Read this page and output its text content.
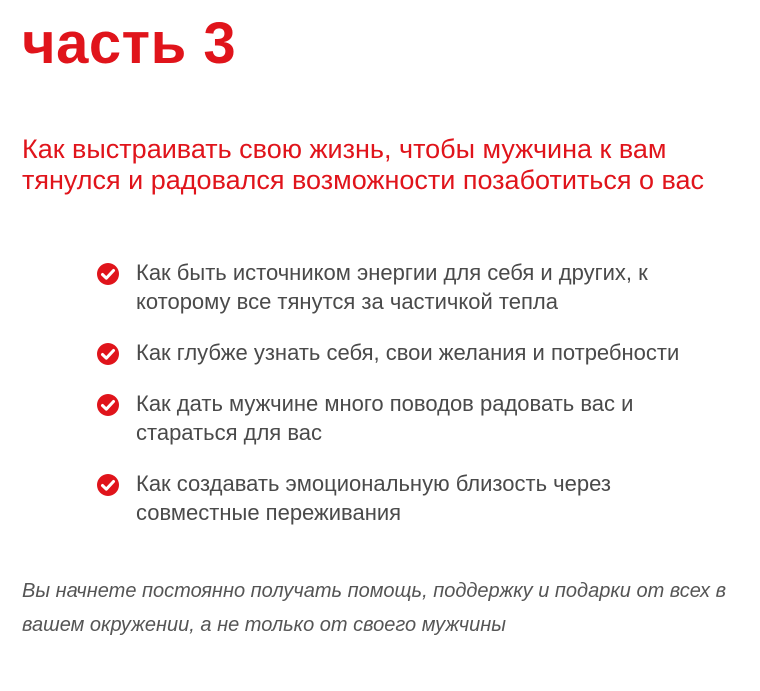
часть 3
Как выстраивать свою жизнь, чтобы мужчина к вам тянулся и радовался возможности позаботиться о вас
Как быть источником энергии для себя и других, к которому все тянутся за частичкой тепла
Как глубже узнать себя, свои желания и потребности
Как дать мужчине много поводов радовать вас и стараться для вас
Как создавать эмоциональную близость через совместные переживания

Вы начнете постоянно получать помощь, поддержку и подарки от всех в вашем окружении, а не только от своего мужчины
